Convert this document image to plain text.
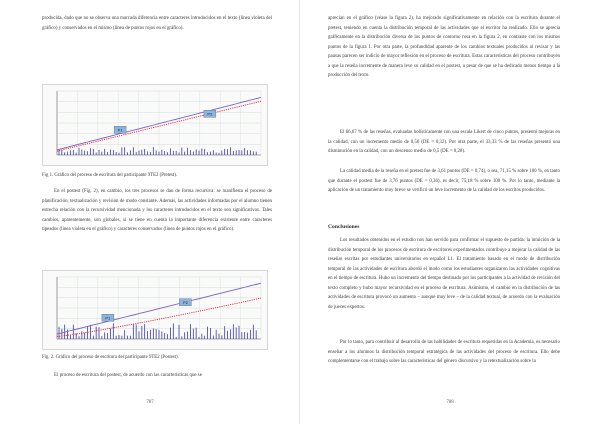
producida, dado que no se observa una marcada diferencia entre caracteres introducidos en el texto (línea violeta del gráfico) y conservados en el mismo (línea de puntos rojos en el gráfico).

P1
P2

Fig 1. Gráfico del proceso de escritura del participante 9TE2 (Pretest).

En el postest (Fig. 2), en cambio, los tres procesos se dan de forma recursiva: se manifiesta el proceso de planificación, textualización y revisión de modo constante. Además, las actividades informadas por el alumno tienen estrecha relación con la recursividad mencionada y los caracteres introducidos en el texto son significativos. Tales cambios, aparentemente, son globales, si se tiene en cuenta la importante diferencia existente entre caracteres tipeados (línea violeta en el gráfico) y caracteres conservados (línea de puntos rojos en el gráfico).

P1
P2

Fig. 2. Gráfico del proceso de escritura del participante 9TE2 (Postest).

El proceso de escritura del postest, de acuerdo con las características que se

787

aprecian en el gráfico (véase la figura 2), ha mejorado significativamente en relación con la escritura durante el pretest, teniendo en cuenta la distribución temporal de las actividades que el escritor ha realizado. Ello se aprecia gráficamente en la distribución diversa de los puntos de contorno rosa en la figura 2, en contraste con los mismos puntos de la figura 1. Por otra parte, la profundidad aparente de los cambios textuales producidos al revisar y las pausas parecen ser indicio de mayor reflexión en el proceso de escritura. Estas características del proceso contribuyen a que la reseña incremente de manera leve su calidad en el postest, a pesar de que se ha dedicado menos tiempo a la producción del texto.

El 66,67 % de las reseñas, evaluadas holísticamente con una escala Likert de cinco puntos, presentó mejoras en la calidad, con un incremento medio de 0,50 (DE = 0,32). Por otra parte, el 33,33 % de las reseñas presentó una disminución en la calidad, con un descenso medio de 0,5 (DE = 0,28).

La calidad media de la reseña en el pretest fue de 3,61 puntos (DE = 0,74), o sea, 71,15 % sobre 100 %, en tanto que durante el postest fue de 3,76 puntos (DE = 0,36), es decir, 75,18 % sobre 100 %. Por lo tanto, mediante la aplicación de un tratamiento muy breve se verificó un leve incremento de la calidad de los escritos producidos.

Conclusiones

Los resultados obtenidos en el estudio nos han servido para confirmar el supuesto de partida: la intuición de la distribución temporal de los procesos de escritura de escritores experimentados contribuye a mejorar la calidad de las reseñas escritas por estudiantes universitarios en español L1. El tratamiento basado en el modo de distribución temporal de las actividades de escritura abordó el modo como los estudiantes organizaron las actividades cognitivas en el tiempo de escritura. Hubo un incremento del tiempo destinado por los participantes a la actividad de revisión del texto completo y hubo mayor recursividad en el proceso de escritura. Asimismo, el cambio en la distribución de las actividades de escritura provocó un aumento – aunque muy leve – de la calidad textual, de acuerdo con la evaluación de jueces expertos.

Por lo tanto, para contribuir al desarrollo de las habilidades de escritura requeridas en la Academia, es necesario enseñar a los alumnos la distribución temporal estratégica de las actividades del proceso de escritura. Ello debe complementarse con el trabajo sobre las características del género discursivo y la retextualización sobre la

788
